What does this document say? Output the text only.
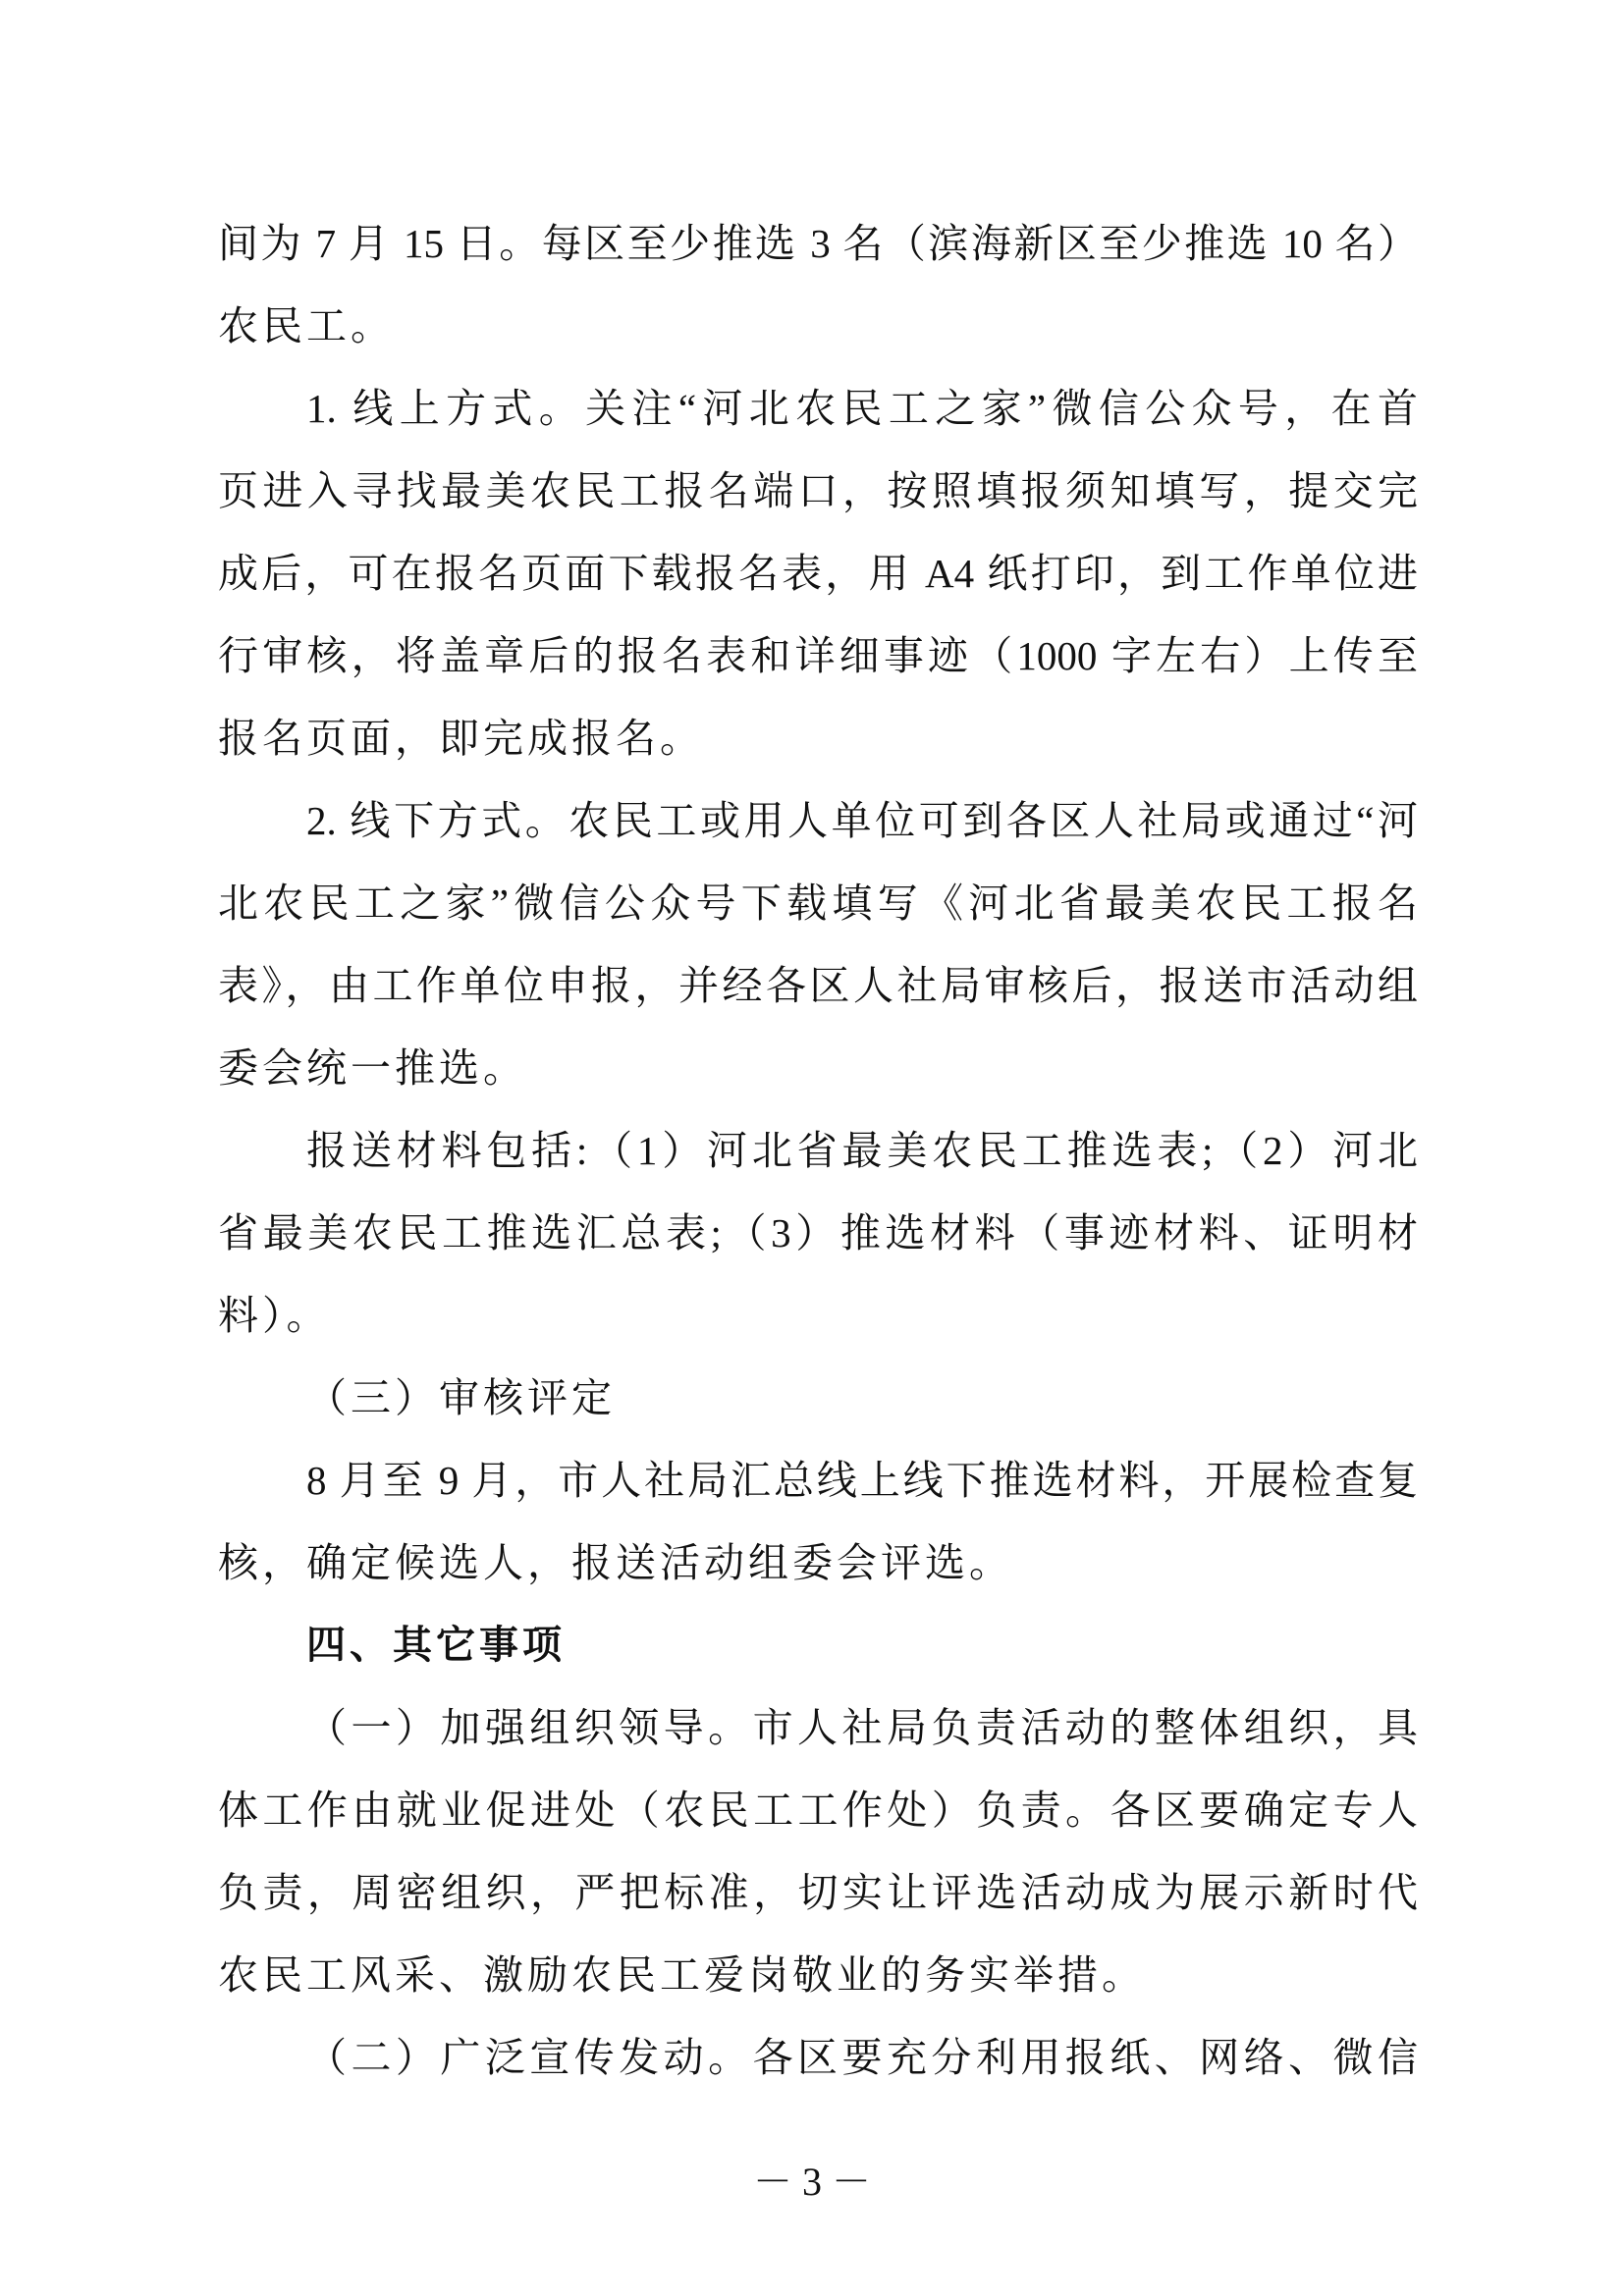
间为 7 月 15 日。每区至少推选 3 名（滨海新区至少推选 10 名）
农民工。
1. 线上方式。关注“河北农民工之家”微信公众号，在首
页进入寻找最美农民工报名端口，按照填报须知填写，提交完
成后，可在报名页面下载报名表，用 A4 纸打印，到工作单位进
行审核，将盖章后的报名表和详细事迹（1000 字左右）上传至
报名页面，即完成报名。
2. 线下方式。农民工或用人单位可到各区人社局或通过“河
北农民工之家”微信公众号下载填写《河北省最美农民工报名
表》，由工作单位申报，并经各区人社局审核后，报送市活动组
委会统一推选。
报送材料包括:（1）河北省最美农民工推选表;（2）河北
省最美农民工推选汇总表;（3）推选材料（事迹材料、证明材
料）。
（三）审核评定
8 月至 9 月，市人社局汇总线上线下推选材料，开展检查复
核，确定候选人，报送活动组委会评选。
四、其它事项
（一）加强组织领导。市人社局负责活动的整体组织，具
体工作由就业促进处（农民工工作处）负责。各区要确定专人
负责，周密组织，严把标准，切实让评选活动成为展示新时代
农民工风采、激励农民工爱岗敬业的务实举措。
（二）广泛宣传发动。各区要充分利用报纸、网络、微信
－ 3 －
